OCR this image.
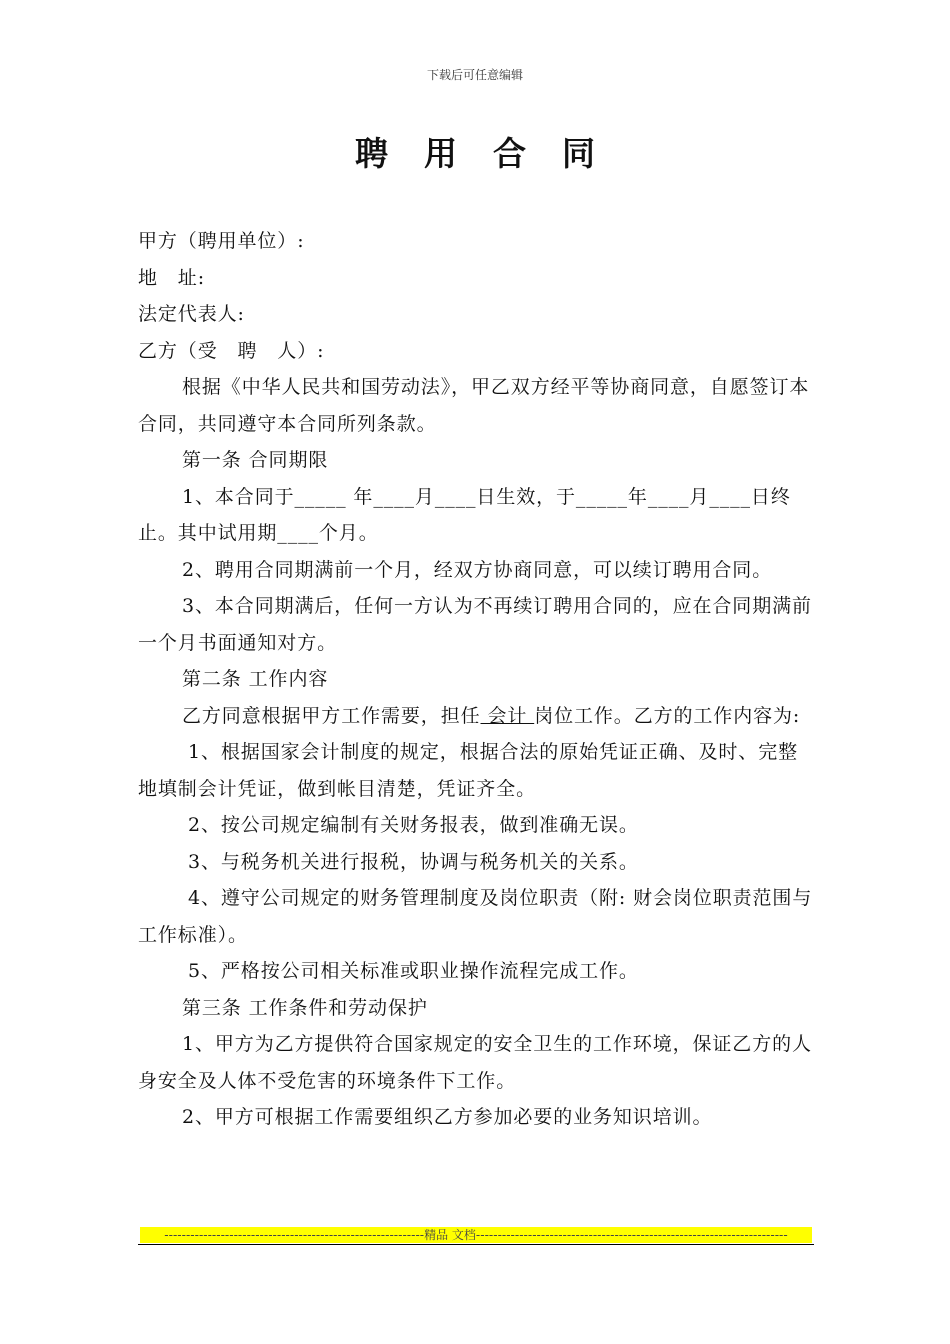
下载后可任意编辑
聘用合同

甲方（聘用单位）:

地　址:

法定代表人:

乙方（受　聘　人）:

根据《中华人民共和国劳动法》，甲乙双方经平等协商同意，自愿签订本合同，共同遵守本合同所列条款。

第一条 合同期限

1、本合同于_____ 年____月____日生效，于_____年____月____日终止。其中试用期____个月。

2、聘用合同期满前一个月，经双方协商同意，可以续订聘用合同。

3、本合同期满后，任何一方认为不再续订聘用合同的，应在合同期满前一个月书面通知对方。

第二条 工作内容

乙方同意根据甲方工作需要，担任 会计 岗位工作。乙方的工作内容为:

1、根据国家会计制度的规定，根据合法的原始凭证正确、及时、完整地填制会计凭证，做到帐目清楚，凭证齐全。

2、按公司规定编制有关财务报表，做到准确无误。

3、与税务机关进行报税，协调与税务机关的关系。

4、遵守公司规定的财务管理制度及岗位职责（附: 财会岗位职责范围与工作标准）。

5、严格按公司相关标准或职业操作流程完成工作。

第三条 工作条件和劳动保护

1、甲方为乙方提供符合国家规定的安全卫生的工作环境，保证乙方的人身安全及人体不受危害的环境条件下工作。

2、甲方可根据工作需要组织乙方参加必要的业务知识培训。

------------------------------------------------------------精品 文档------------------------------------------------------------------------
